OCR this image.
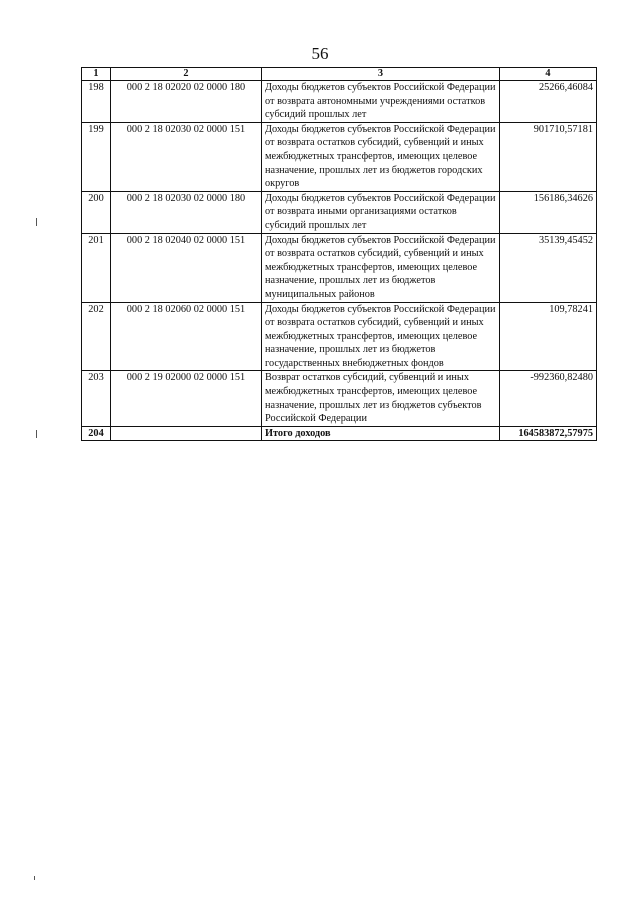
56
1	2	3	4
198	000 2 18 02020 02 0000 180	Доходы бюджетов субъектов Российской Федерации от возврата автономными учреждениями остатков субсидий прошлых лет	25266,46084
199	000 2 18 02030 02 0000 151	Доходы бюджетов субъектов Российской Федерации от возврата остатков субсидий, субвенций и иных межбюджетных трансфертов, имеющих целевое назначение, прошлых лет из бюджетов городских округов	901710,57181
200	000 2 18 02030 02 0000 180	Доходы бюджетов субъектов Российской Федерации от возврата иными организациями остатков субсидий прошлых лет	156186,34626
201	000 2 18 02040 02 0000 151	Доходы бюджетов субъектов Российской Федерации от возврата остатков субсидий, субвенций и иных межбюджетных трансфертов, имеющих целевое назначение, прошлых лет из бюджетов муниципальных районов	35139,45452
202	000 2 18 02060 02 0000 151	Доходы бюджетов субъектов Российской Федерации от возврата остатков субсидий, субвенций и иных межбюджетных трансфертов, имеющих целевое назначение, прошлых лет из бюджетов государственных внебюджетных фондов	109,78241
203	000 2 19 02000 02 0000 151	Возврат остатков субсидий, субвенций и иных межбюджетных трансфертов, имеющих целевое назначение, прошлых лет из бюджетов субъектов Российской Федерации	-992360,82480
204		Итого доходов	164583872,57975
